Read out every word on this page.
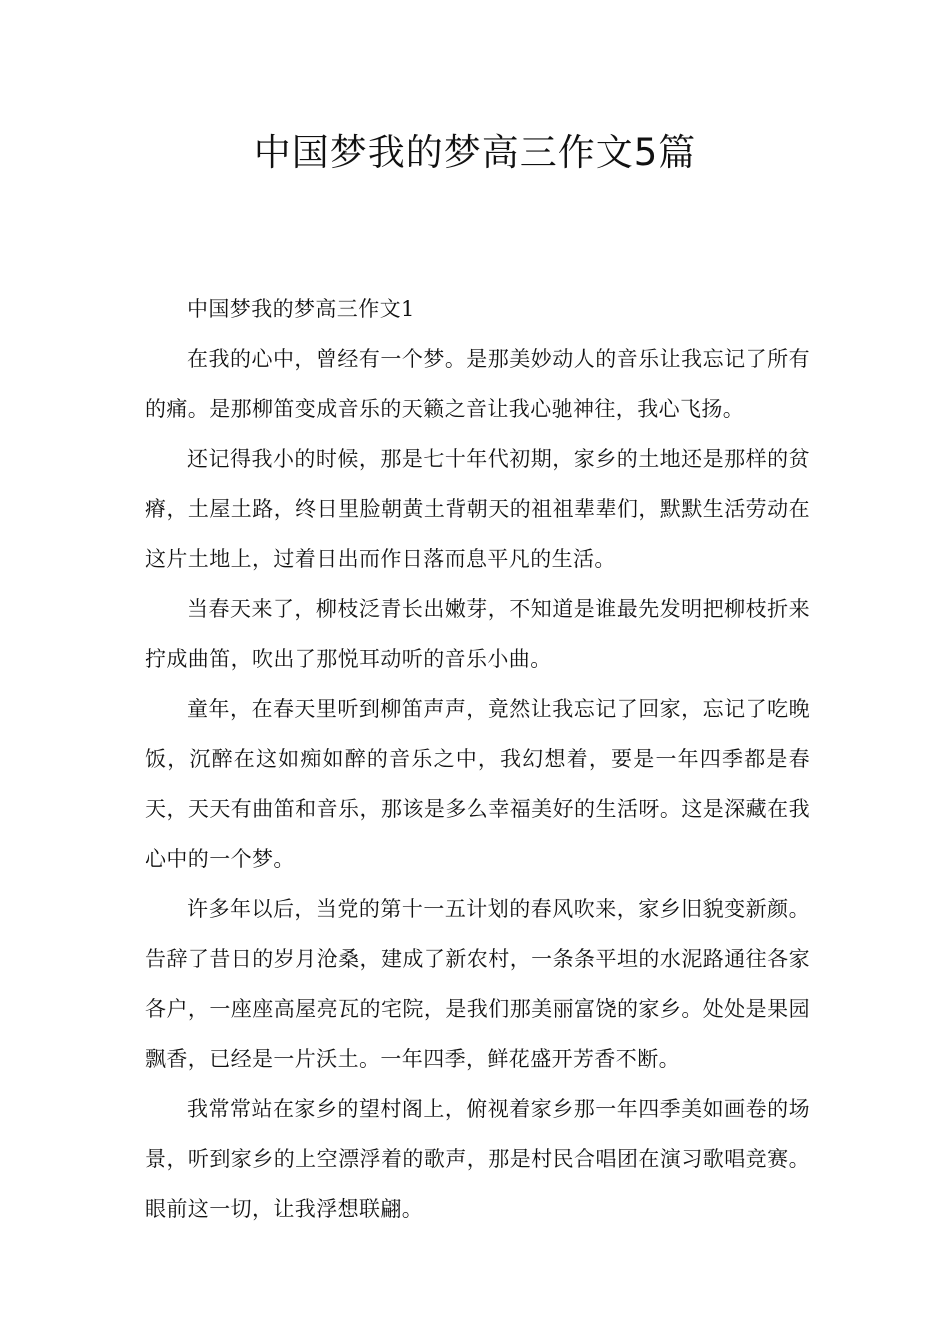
中国梦我的梦高三作文5篇

中国梦我的梦高三作文1

在我的心中，曾经有一个梦。是那美妙动人的音乐让我忘记了所有的痛。是那柳笛变成音乐的天籁之音让我心驰神往，我心飞扬。

还记得我小的时候，那是七十年代初期，家乡的土地还是那样的贫瘠，土屋土路，终日里脸朝黄土背朝天的祖祖辈辈们，默默生活劳动在这片土地上，过着日出而作日落而息平凡的生活。

当春天来了，柳枝泛青长出嫩芽，不知道是谁最先发明把柳枝折来拧成曲笛，吹出了那悦耳动听的音乐小曲。

童年，在春天里听到柳笛声声，竟然让我忘记了回家，忘记了吃晚饭，沉醉在这如痴如醉的音乐之中，我幻想着，要是一年四季都是春天，天天有曲笛和音乐，那该是多么幸福美好的生活呀。这是深藏在我心中的一个梦。

许多年以后，当党的第十一五计划的春风吹来，家乡旧貌变新颜。告辞了昔日的岁月沧桑，建成了新农村，一条条平坦的水泥路通往各家各户，一座座高屋亮瓦的宅院，是我们那美丽富饶的家乡。处处是果园飘香，已经是一片沃土。一年四季，鲜花盛开芳香不断。

我常常站在家乡的望村阁上，俯视着家乡那一年四季美如画卷的场景，听到家乡的上空漂浮着的歌声，那是村民合唱团在演习歌唱竞赛。眼前这一切，让我浮想联翩。
